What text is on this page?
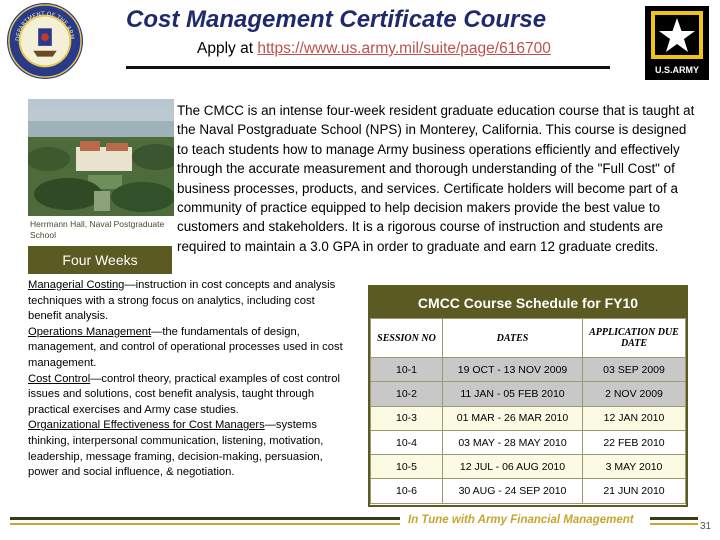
DEPARTMENT OF THE ARM
Cost Management Certificate Course
Apply at https://www.us.army.mil/suite/page/616700
U.S.ARMY
Herrmann Hall, Naval Postgraduate School
Four Weeks
The CMCC is an intense four-week resident graduate education course that is taught at the Naval Postgraduate School (NPS) in Monterey, California. This course is designed to teach students how to manage Army business operations efficiently and effectively through the accurate measurement and thorough understanding of the "Full Cost" of business processes, products, and services. Certificate holders will become part of a community of practice equipped to help decision makers provide the best value to customers and stakeholders. It is a rigorous course of instruction and students are required to maintain a 3.0 GPA in order to graduate and earn 12 graduate credits.

Managerial Costing—instruction in cost concepts and analysis techniques with a strong focus on analytics, including cost benefit analysis.

Operations Management—the fundamentals of design, management, and control of operational processes used in cost management.

Cost Control—control theory, practical examples of cost control issues and solutions, cost benefit analysis, taught through practical exercises and Army case studies.

Organizational Effectiveness for Cost Managers—systems thinking, interpersonal communication, listening, motivation, leadership, message framing, decision-making, persuasion, power and social influence, & negotiation.

CMCC Course Schedule for FY10
SESSION NO	DATES	APPLICATION DUE DATE
10-1	19 OCT - 13 NOV 2009	03 SEP 2009
10-2	11 JAN - 05 FEB 2010	2 NOV 2009
10-3	01 MAR - 26 MAR 2010	12 JAN 2010
10-4	03 MAY - 28 MAY 2010	22 FEB 2010
10-5	12 JUL - 06 AUG 2010	3 MAY 2010
10-6	30 AUG - 24 SEP 2010	21 JUN 2010
In Tune with Army Financial Management
31
